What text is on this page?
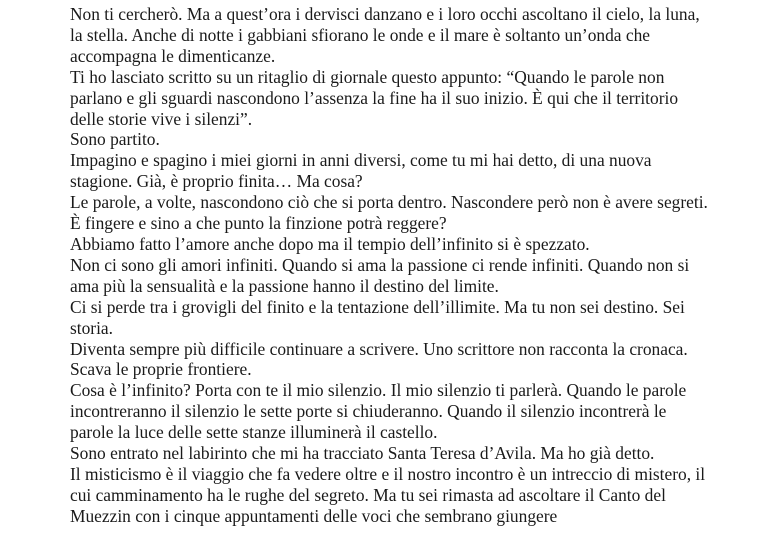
Non ti cercherò. Ma a quest’ora i dervisci danzano e i loro occhi ascoltano il cielo, la luna, la stella. Anche di notte i gabbiani sfiorano le onde e il mare è soltanto un’onda che accompagna le dimenticanze.

Ti ho lasciato scritto su un ritaglio di giornale questo appunto: “Quando le parole non parlano e gli sguardi nascondono l’assenza la fine ha il suo inizio. È qui che il territorio delle storie vive i silenzi”.

Sono partito.

Impagino e spagino i miei giorni in anni diversi, come tu mi hai detto, di una nuova stagione. Già, è proprio finita… Ma cosa?

Le parole, a volte, nascondono ciò che si porta dentro. Nascondere però non è avere segreti. È fingere e sino a che punto la finzione potrà reggere?

Abbiamo fatto l’amore anche dopo ma il tempio dell’infinito si è spezzato.

Non ci sono gli amori infiniti. Quando si ama la passione ci rende infiniti. Quando non si ama più la sensualità e la passione hanno il destino del limite.

Ci si perde tra i grovigli del finito e la tentazione dell’illimite. Ma tu non sei destino. Sei storia.

Diventa sempre più difficile continuare a scrivere. Uno scrittore non racconta la cronaca. Scava le proprie frontiere.

Cosa è l’infinito? Porta con te il mio silenzio. Il mio silenzio ti parlerà. Quando le parole incontreranno il silenzio le sette porte si chiuderanno. Quando il silenzio incontrerà le parole la luce delle sette stanze illuminerà il castello.

Sono entrato nel labirinto che mi ha tracciato Santa Teresa d’Avila. Ma ho già detto.

Il misticismo è il viaggio che fa vedere oltre e il nostro incontro è un intreccio di mistero, il cui camminamento ha le rughe del segreto. Ma tu sei rimasta ad ascoltare il Canto del Muezzin con i cinque appuntamenti delle voci che sembrano giungere
